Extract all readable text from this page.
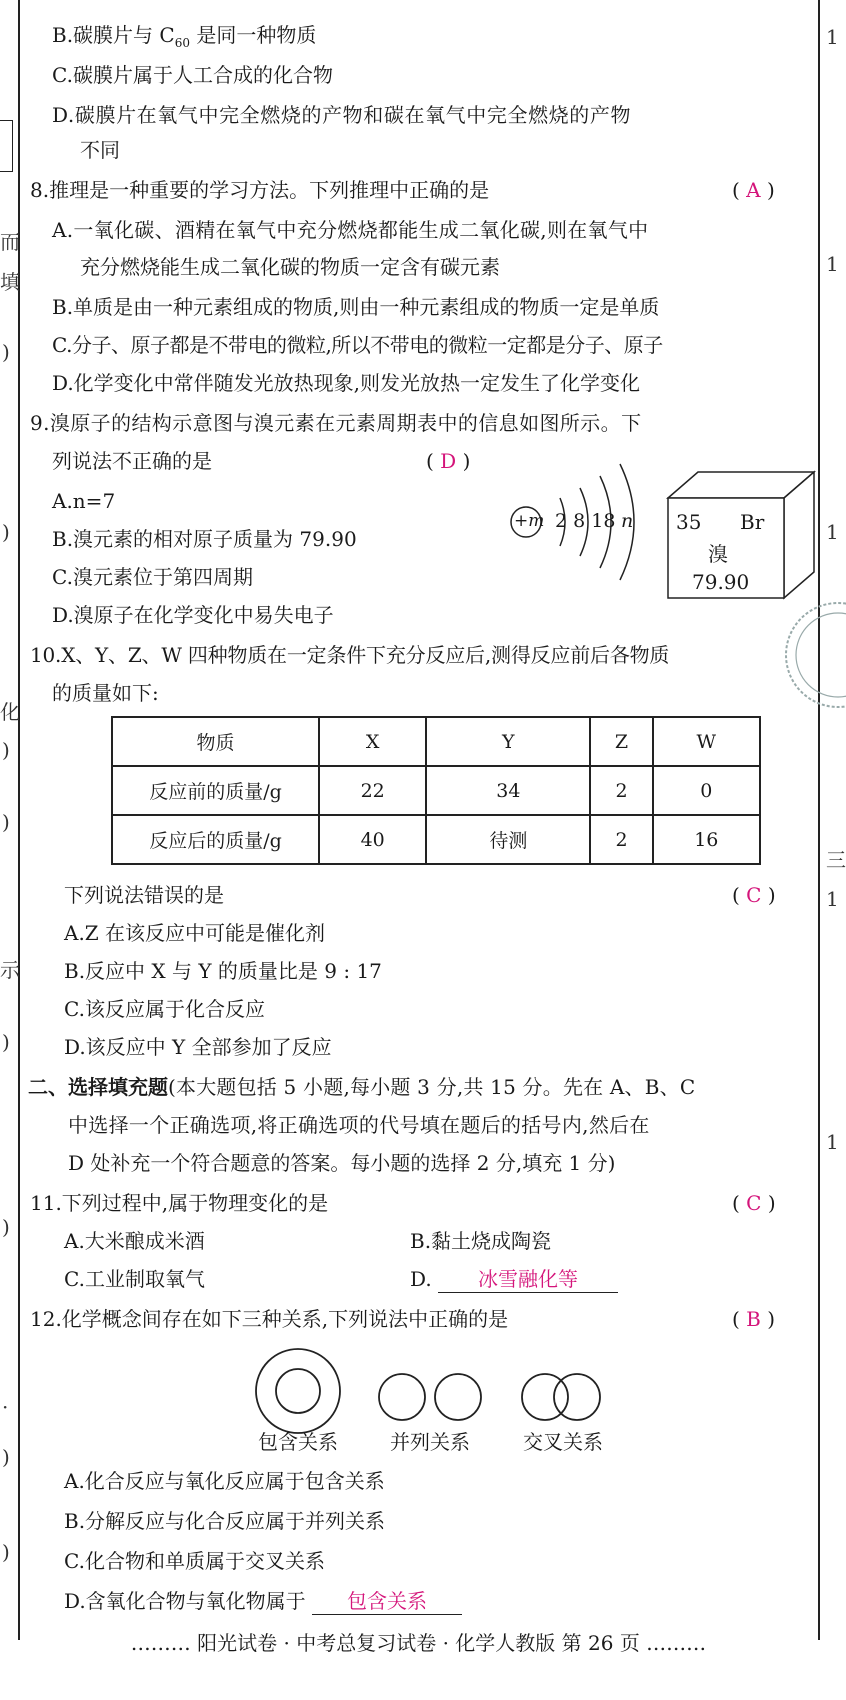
而
填
)
)
化
)
)
示
)
)
·
)
)
1
1
1
三
1
1
B.碳膜片与 $C_{60}$ 是同一种物质
C.碳膜片属于人工合成的化合物
D.碳膜片在氧气中完全燃烧的产物和碳在氧气中完全燃烧的产物
不同
8.推理是一种重要的学习方法。下列推理中正确的是	( A )
A.一氧化碳、酒精在氧气中充分燃烧都能生成二氧化碳,则在氧气中
充分燃烧能生成二氧化碳的物质一定含有碳元素
B.单质是由一种元素组成的物质,则由一种元素组成的物质一定是单质
C.分子、原子都是不带电的微粒,所以不带电的微粒一定都是分子、原子
D.化学变化中常伴随发光放热现象,则发光放热一定发生了化学变化
9.溴原子的结构示意图与溴元素在元素周期表中的信息如图所示。下
列说法不正确的是	( D )
A.n=7
B.溴元素的相对原子质量为 79.90
C.溴元素位于第四周期
D.溴原子在化学变化中易失电子
+m 2 8 18 n 35 Br
溴
79.90
10.X、Y、Z、W 四种物质在一定条件下充分反应后,测得反应前后各物质
的质量如下:
物质	X	Y	Z	W
反应前的质量/g	22	34	2	0
反应后的质量/g	40	待测	2	16
下列说法错误的是	( C )
A.Z 在该反应中可能是催化剂
B.反应中 X 与 Y 的质量比是 9 : 17
C.该反应属于化合反应
D.该反应中 Y 全部参加了反应
二、选择填充题(本大题包括 5 小题,每小题 3 分,共 15 分。先在 A、B、C
中选择一个正确选项,将正确选项的代号填在题后的括号内,然后在
D 处补充一个符合题意的答案。每小题的选择 2 分,填充 1 分)
11.下列过程中,属于物理变化的是	( C )
A.大米酿成米酒	B.黏土烧成陶瓷
C.工业制取氧气	D. 冰雪融化等
12.化学概念间存在如下三种关系,下列说法中正确的是	( B )
包含关系	并列关系	交叉关系
A.化合反应与氧化反应属于包含关系
B.分解反应与化合反应属于并列关系
C.化合物和单质属于交叉关系
D.含氧化合物与氧化物属于 包含关系
……… 阳光试卷 · 中考总复习试卷 · 化学人教版 第 26 页 ………
